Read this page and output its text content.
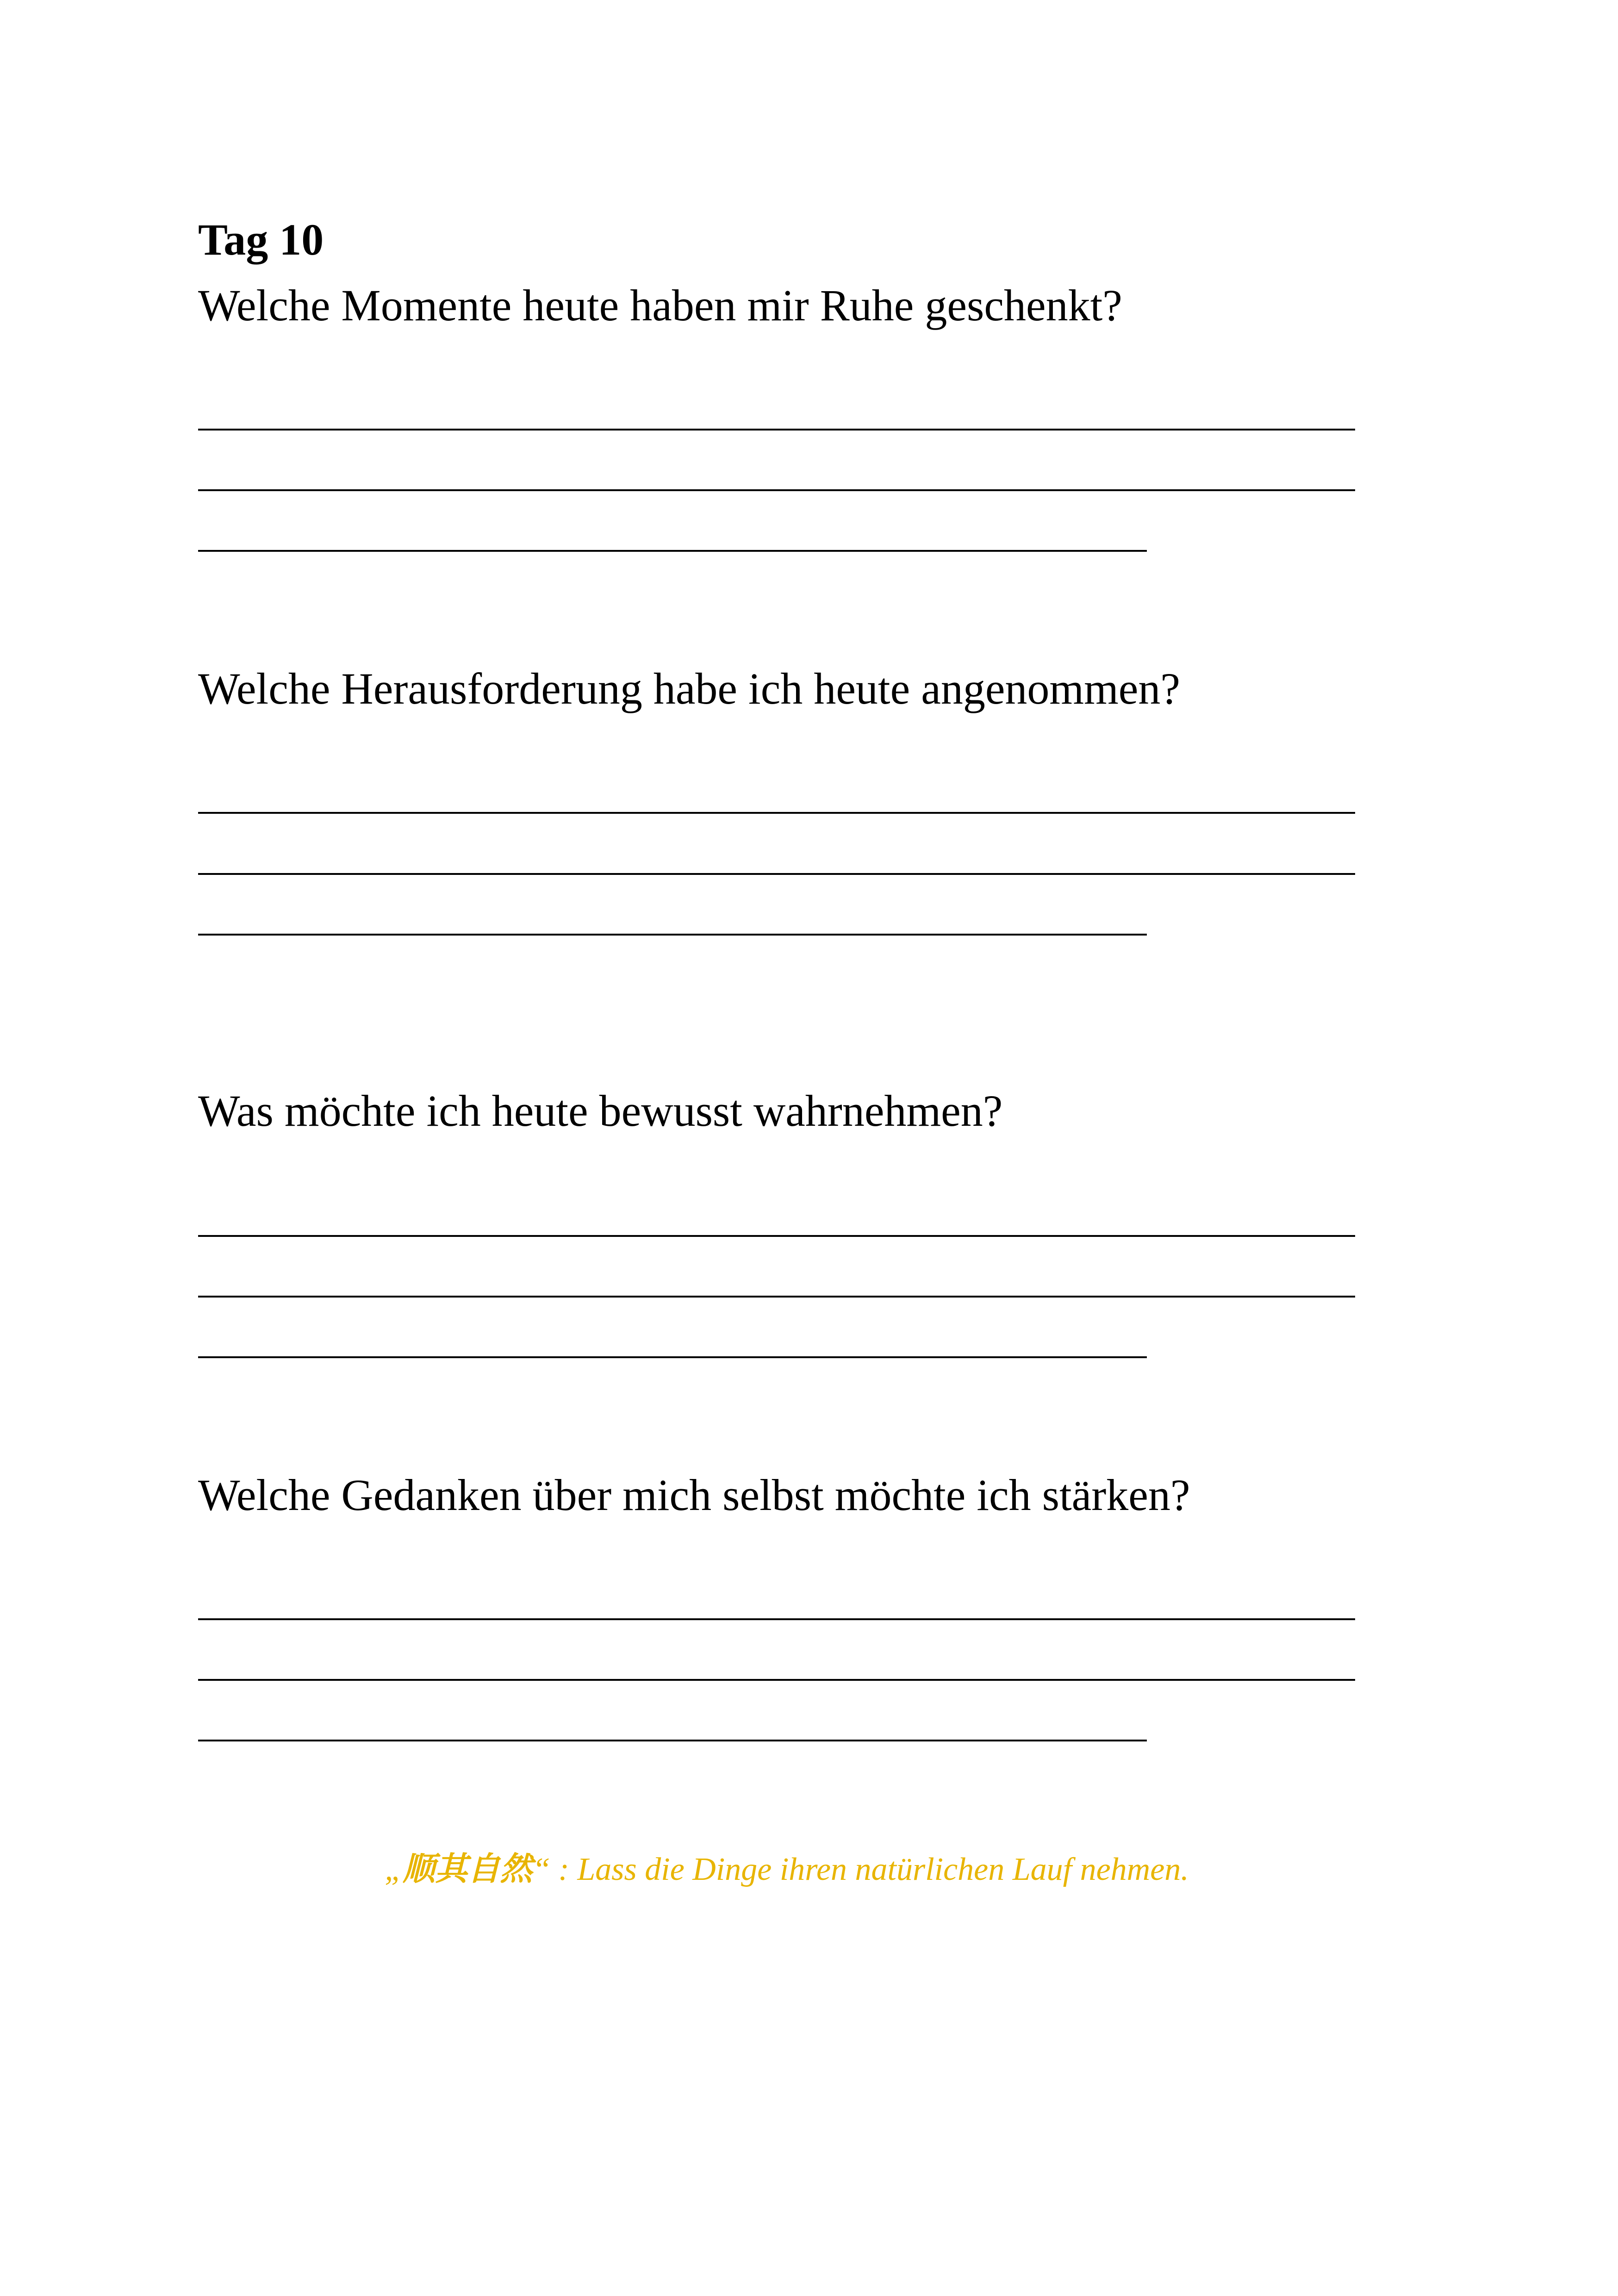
Tag 10
Welche Momente heute haben mir Ruhe geschenkt?
Welche Herausforderung habe ich heute angenommen?
Was möchte ich heute bewusst wahrnehmen?
Welche Gedanken über mich selbst möchte ich stärken?
„顺其自然“ : Lass die Dinge ihren natürlichen Lauf nehmen.
